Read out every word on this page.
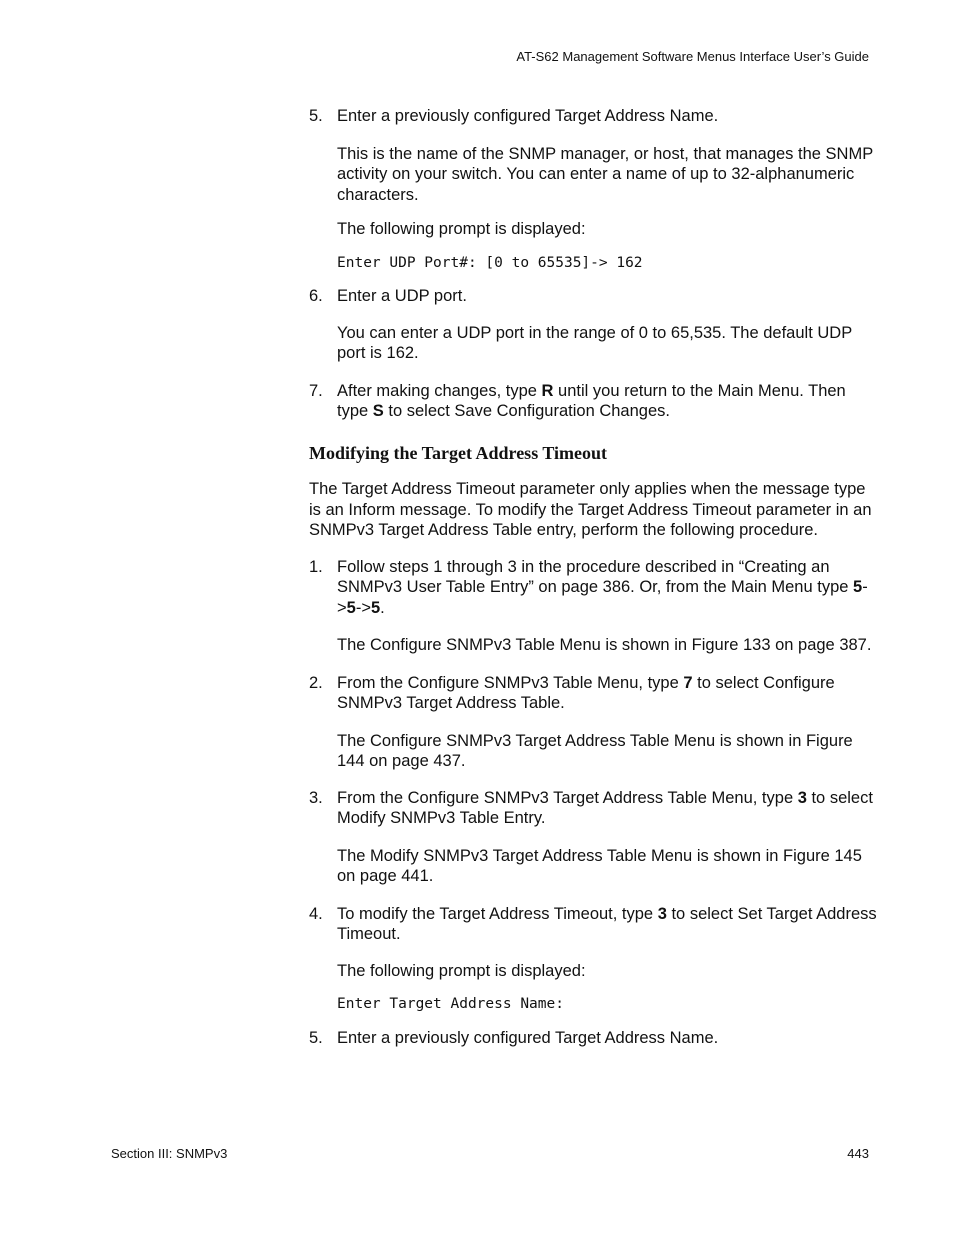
AT-S62 Management Software Menus Interface User’s Guide
5. Enter a previously configured Target Address Name.

This is the name of the SNMP manager, or host, that manages the SNMP activity on your switch. You can enter a name of up to 32-alphanumeric characters.

The following prompt is displayed:

Enter UDP Port#: [0 to 65535]-> 162

6. Enter a UDP port.

You can enter a UDP port in the range of 0 to 65,535. The default UDP port is 162.

7. After making changes, type R until you return to the Main Menu. Then type S to select Save Configuration Changes.

Modifying the Target Address Timeout

The Target Address Timeout parameter only applies when the message type is an Inform message. To modify the Target Address Timeout parameter in an SNMPv3 Target Address Table entry, perform the following procedure.

1. Follow steps 1 through 3 in the procedure described in “Creating an SNMPv3 User Table Entry” on page 386. Or, from the Main Menu type 5->5->5.

The Configure SNMPv3 Table Menu is shown in Figure 133 on page 387.

2. From the Configure SNMPv3 Table Menu, type 7 to select Configure SNMPv3 Target Address Table.

The Configure SNMPv3 Target Address Table Menu is shown in Figure 144 on page 437.

3. From the Configure SNMPv3 Target Address Table Menu, type 3 to select Modify SNMPv3 Table Entry.

The Modify SNMPv3 Target Address Table Menu is shown in Figure 145 on page 441.

4. To modify the Target Address Timeout, type 3 to select Set Target Address Timeout.

The following prompt is displayed:

Enter Target Address Name:

5. Enter a previously configured Target Address Name.

Section III: SNMPv3	443
